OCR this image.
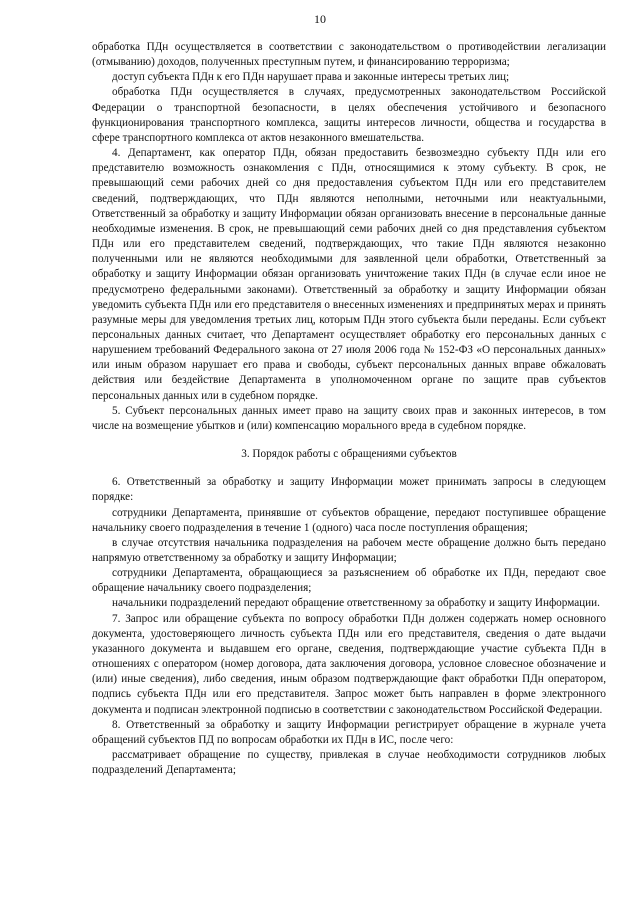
10

обработка ПДн осуществляется в соответствии с законодательством о противодействии легализации (отмыванию) доходов, полученных преступным путем, и финансированию терроризма;

доступ субъекта ПДн к его ПДн нарушает права и законные интересы третьих лиц;

обработка ПДн осуществляется в случаях, предусмотренных законодательством Российской Федерации о транспортной безопасности, в целях обеспечения устойчивого и безопасного функционирования транспортного комплекса, защиты интересов личности, общества и государства в сфере транспортного комплекса от актов незаконного вмешательства.

4. Департамент, как оператор ПДн, обязан предоставить безвозмездно субъекту ПДн или его представителю возможность ознакомления с ПДн, относящимися к этому субъекту. В срок, не превышающий семи рабочих дней со дня предоставления субъектом ПДн или его представителем сведений, подтверждающих, что ПДн являются неполными, неточными или неактуальными, Ответственный за обработку и защиту Информации обязан организовать внесение в персональные данные необходимые изменения. В срок, не превышающий семи рабочих дней со дня представления субъектом ПДн или его представителем сведений, подтверждающих, что такие ПДн являются незаконно полученными или не являются необходимыми для заявленной цели обработки, Ответственный за обработку и защиту Информации обязан организовать уничтожение таких ПДн (в случае если иное не предусмотрено федеральными законами). Ответственный за обработку и защиту Информации обязан уведомить субъекта ПДн или его представителя о внесенных изменениях и предпринятых мерах и принять разумные меры для уведомления третьих лиц, которым ПДн этого субъекта были переданы. Если субъект персональных данных считает, что Департамент осуществляет обработку его персональных данных с нарушением требований Федерального закона от 27 июля 2006 года № 152-ФЗ «О персональных данных» или иным образом нарушает его права и свободы, субъект персональных данных вправе обжаловать действия или бездействие Департамента в уполномоченном органе по защите прав субъектов персональных данных или в судебном порядке.

5. Субъект персональных данных имеет право на защиту своих прав и законных интересов, в том числе на возмещение убытков и (или) компенсацию морального вреда в судебном порядке.

3. Порядок работы с обращениями субъектов

6. Ответственный за обработку и защиту Информации может принимать запросы в следующем порядке:

сотрудники Департамента, принявшие от субъектов обращение, передают поступившее обращение начальнику своего подразделения в течение 1 (одного) часа после поступления обращения;

в случае отсутствия начальника подразделения на рабочем месте обращение должно быть передано напрямую ответственному за обработку и защиту Информации;

сотрудники Департамента, обращающиеся за разъяснением об обработке их ПДн, передают свое обращение начальнику своего подразделения;

начальники подразделений передают обращение ответственному за обработку и защиту Информации.

7. Запрос или обращение субъекта по вопросу обработки ПДн должен содержать номер основного документа, удостоверяющего личность субъекта ПДн или его представителя, сведения о дате выдачи указанного документа и выдавшем его органе, сведения, подтверждающие участие субъекта ПДн в отношениях с оператором (номер договора, дата заключения договора, условное словесное обозначение и (или) иные сведения), либо сведения, иным образом подтверждающие факт обработки ПДн оператором, подпись субъекта ПДн или его представителя. Запрос может быть направлен в форме электронного документа и подписан электронной подписью в соответствии с законодательством Российской Федерации.

8. Ответственный за обработку и защиту Информации регистрирует обращение в журнале учета обращений субъектов ПД по вопросам обработки их ПДн в ИС, после чего:

рассматривает обращение по существу, привлекая в случае необходимости сотрудников любых подразделений Департамента;
